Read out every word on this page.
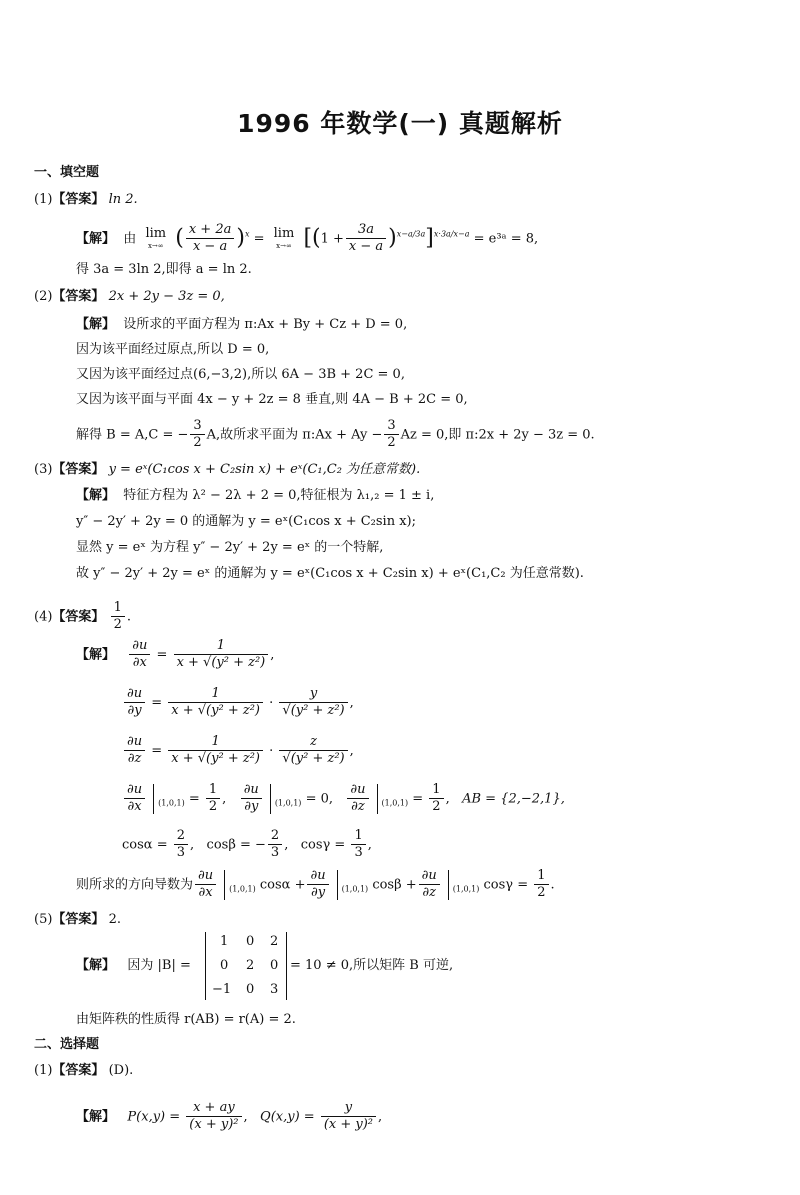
1996 年数学(一) 真题解析
一、填空题
(1)【答案】 ln 2.
【解】 由 lim
x→∞ ( $\frac{x + 2a}{x - a} )^x = \lim$
x→∞ $[(1 + \frac{3a}{x - a} )^{x-a/3a}]^{x\cdot 3a/x-a}$ = e³ᵃ = 8,
得 3a = 3ln 2,即得 a = ln 2.
(2)【答案】 2x + 2y − 3z = 0,
【解】 设所求的平面方程为 π:Ax + By + Cz + D = 0,
因为该平面经过原点,所以 D = 0,
又因为该平面经过点(6,−3,2),所以 6A − 3B + 2C = 0,
又因为该平面与平面 4x − y + 2z = 8 垂直,则 4A − B + 2C = 0,
解得 B = A,C = − $\frac{3}{2} A$,故所求平面为 π:Ax + $Ay - \frac{3}{2}$ Az = 0,即 π:2x + 2y − 3z = 0.
(3)【答案】 y = eˣ(C₁cos x + C₂sin x) + eˣ(C₁,C₂ 为任意常数).
【解】 特征方程为 λ² − 2λ + 2 = 0,特征根为 λ₁,₂ = 1 ± i,
y″ − 2y′ + 2y = 0 的通解为 y = eˣ(C₁cos x + C₂sin x);
显然 y = eˣ 为方程 y″ − 2y′ + 2y = eˣ 的一个特解,
故 y″ − 2y′ + 2y = eˣ 的通解为 y = eˣ(C₁cos x + C₂sin x) + eˣ(C₁,C₂ 为任意常数).
(4)【答案】 $\frac{1}{2}$ .
【解】 $\frac{\partial u}{\partial x} = \frac{1}{\text{x + √(y² + z²)}}$ ,
$\frac{\partial u}{\partial y} = \frac{1}{\text{x + √(y² + z²)}} \cdot \frac{y}{\text{√(y² + z²)}}$ ,
$\frac{\partial u}{\partial z} = \frac{1}{\text{x + √(y² + z²)}} \cdot \frac{z}{\text{√(y² + z²)}}$ ,
$\frac{\partial u}{\partial x} _{(1,0,1)} = \frac{1}{2}$ , $\frac{\partial u}{\partial y} _{(1,0,1)} = 0$, $\frac{\partial u}{\partial z} _{(1,0,1)} = \frac{1}{2}$ ,   AB = {2,−2,1},
$\cos\alpha = \frac{2}{3}$ ,   cosβ = − $\frac{2}{3}$ ,   $\cos\gamma = \frac{1}{3}$ ,
则所求的方向导数为 $\frac{\partial u}{\partial x} _{(1,0,1)}$ $\cos\alpha + \frac{\partial u}{\partial y} _{(1,0,1)}$ $\cos\beta + \frac{\partial u}{\partial z} _{(1,0,1)}$ $\cos\gamma = \frac{1}{2}$ .
(5)【答案】 2.
【解】 因为 |B| =
1 0 2
0 2 0
−1 0 3
= 10 ≠ 0,所以矩阵 B 可逆,
由矩阵秩的性质得 r(AB) = r(A) = 2.
二、选择题
(1)【答案】 (D).
【解】 $P(x,y) = \frac{x + ay}{\text{(x + y)²}}$ ,   $Q(x,y) = \frac{y}{\text{(x + y)²}}$ ,
